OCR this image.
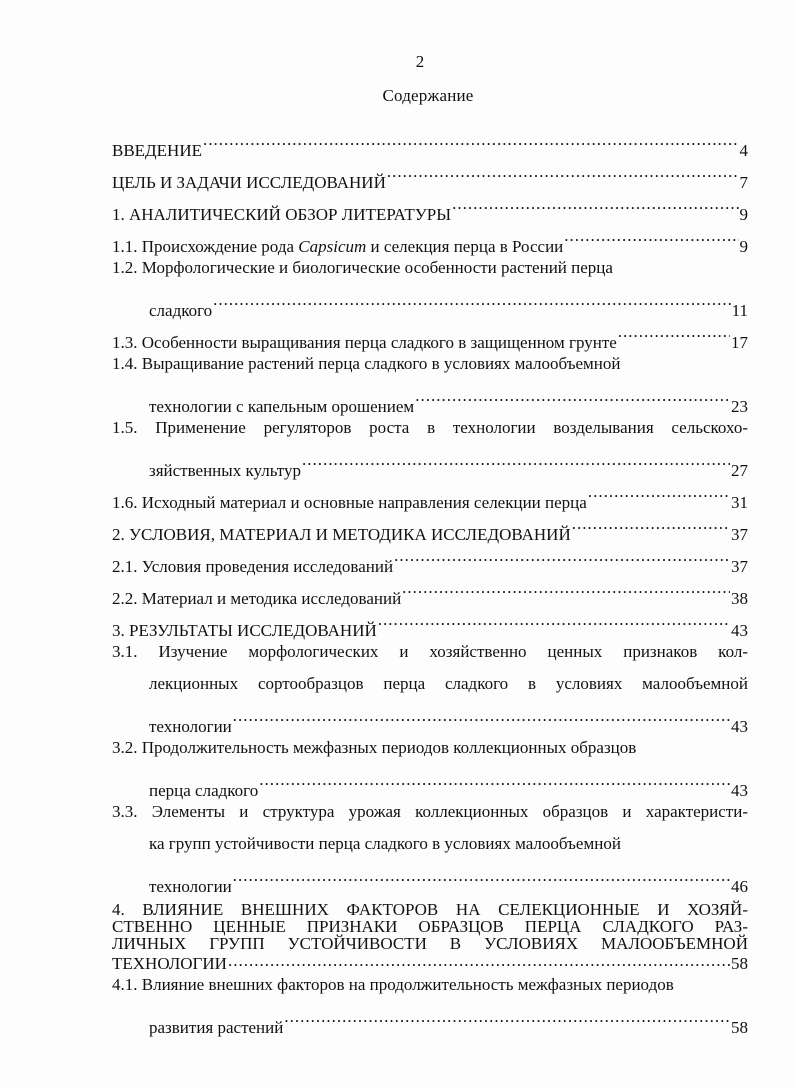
2
Содержание
ВВЕДЕНИЕ .....	4
ЦЕЛЬ И ЗАДАЧИ ИССЛЕДОВАНИЙ .....	7
1. АНАЛИТИЧЕСКИЙ ОБЗОР ЛИТЕРАТУРЫ .....	9
1.1. Происхождение рода Capsicum и селекция перца в России .....	9
1.2. Морфологические и биологические особенности растений перца
сладкого .....	11
1.3. Особенности выращивания перца сладкого в защищенном грунте .....	17
1.4. Выращивание растений перца сладкого в условиях малообъемной
технологии с капельным орошением .....	23
1.5. Применение регуляторов роста в технологии возделывания сельскохо-
зяйственных культур .....	27
1.6. Исходный материал и основные направления селекции перца .....	31
2. УСЛОВИЯ, МАТЕРИАЛ И МЕТОДИКА ИССЛЕДОВАНИЙ .....	37
2.1. Условия проведения исследований .....	37
2.2. Материал и методика исследований .....	38
3. РЕЗУЛЬТАТЫ ИССЛЕДОВАНИЙ .....	43
3.1. Изучение морфологических и хозяйственно ценных признаков кол-
лекционных сортообразцов перца сладкого в условиях малообъемной
технологии .....	43
3.2. Продолжительность межфазных периодов коллекционных образцов
перца сладкого .....	43
3.3. Элементы и структура урожая коллекционных образцов и характеристи-
ка групп устойчивости перца сладкого в условиях малообъемной
технологии .....	46
4. ВЛИЯНИЕ ВНЕШНИХ ФАКТОРОВ НА СЕЛЕКЦИОННЫЕ И ХОЗЯЙ-
СТВЕННО ЦЕННЫЕ ПРИЗНАКИ ОБРАЗЦОВ ПЕРЦА СЛАДКОГО РАЗ-
ЛИЧНЫХ ГРУПП УСТОЙЧИВОСТИ В УСЛОВИЯХ МАЛООБЪЕМНОЙ
ТЕХНОЛОГИИ .....	58
4.1. Влияние внешних факторов на продолжительность межфазных периодов
развития растений .....	58
